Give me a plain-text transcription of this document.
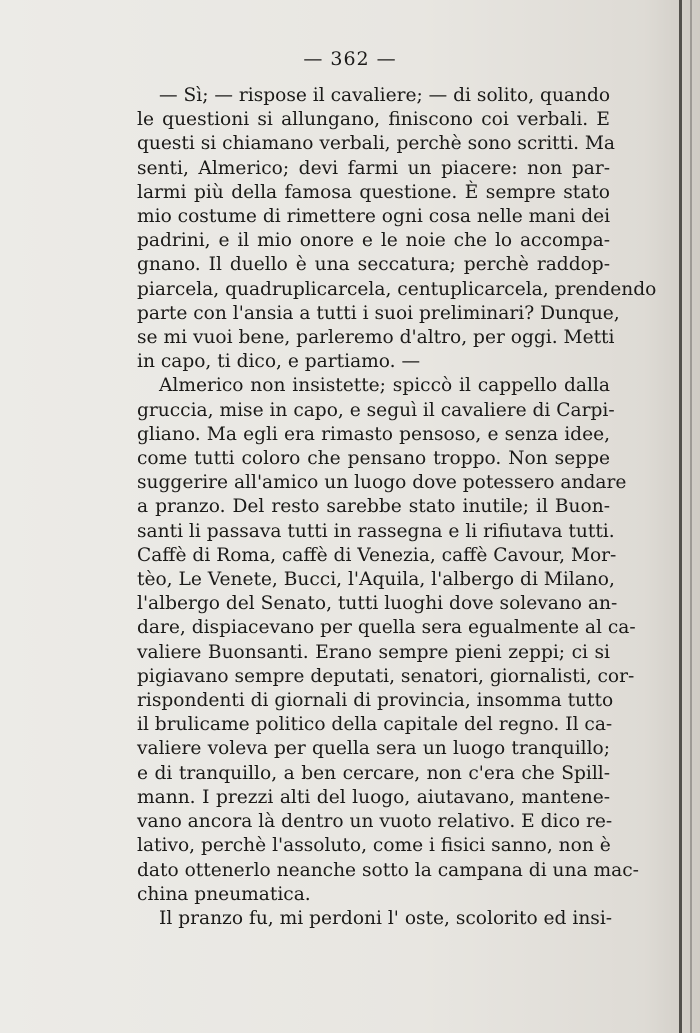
— 362 —

— Sì; — rispose il cavaliere; — di solito, quando
le questioni si allungano, finiscono coi verbali. E
questi si chiamano verbali, perchè sono scritti. Ma
senti, Almerico; devi farmi un piacere: non par-
larmi più della famosa questione. È sempre stato
mio costume di rimettere ogni cosa nelle mani dei
padrini, e il mio onore e le noie che lo accompa-
gnano. Il duello è una seccatura; perchè raddop-
piarcela, quadruplicarcela, centuplicarcela, prendendo
parte con l'ansia a tutti i suoi preliminari? Dunque,
se mi vuoi bene, parleremo d'altro, per oggi. Metti
in capo, ti dico, e partiamo. —

Almerico non insistette; spiccò il cappello dalla
gruccia, mise in capo, e seguì il cavaliere di Carpi-
gliano. Ma egli era rimasto pensoso, e senza idee,
come tutti coloro che pensano troppo. Non seppe
suggerire all'amico un luogo dove potessero andare
a pranzo. Del resto sarebbe stato inutile; il Buon-
santi li passava tutti in rassegna e li rifiutava tutti.
Caffè di Roma, caffè di Venezia, caffè Cavour, Mor-
tèo, Le Venete, Bucci, l'Aquila, l'albergo di Milano,
l'albergo del Senato, tutti luoghi dove solevano an-
dare, dispiacevano per quella sera egualmente al ca-
valiere Buonsanti. Erano sempre pieni zeppi; ci si
pigiavano sempre deputati, senatori, giornalisti, cor-
rispondenti di giornali di provincia, insomma tutto
il brulicame politico della capitale del regno. Il ca-
valiere voleva per quella sera un luogo tranquillo;
e di tranquillo, a ben cercare, non c'era che Spill-
mann. I prezzi alti del luogo, aiutavano, mantene-
vano ancora là dentro un vuoto relativo. E dico re-
lativo, perchè l'assoluto, come i fisici sanno, non è
dato ottenerlo neanche sotto la campana di una mac-
china pneumatica.

Il pranzo fu, mi perdoni l' oste, scolorito ed insi-
